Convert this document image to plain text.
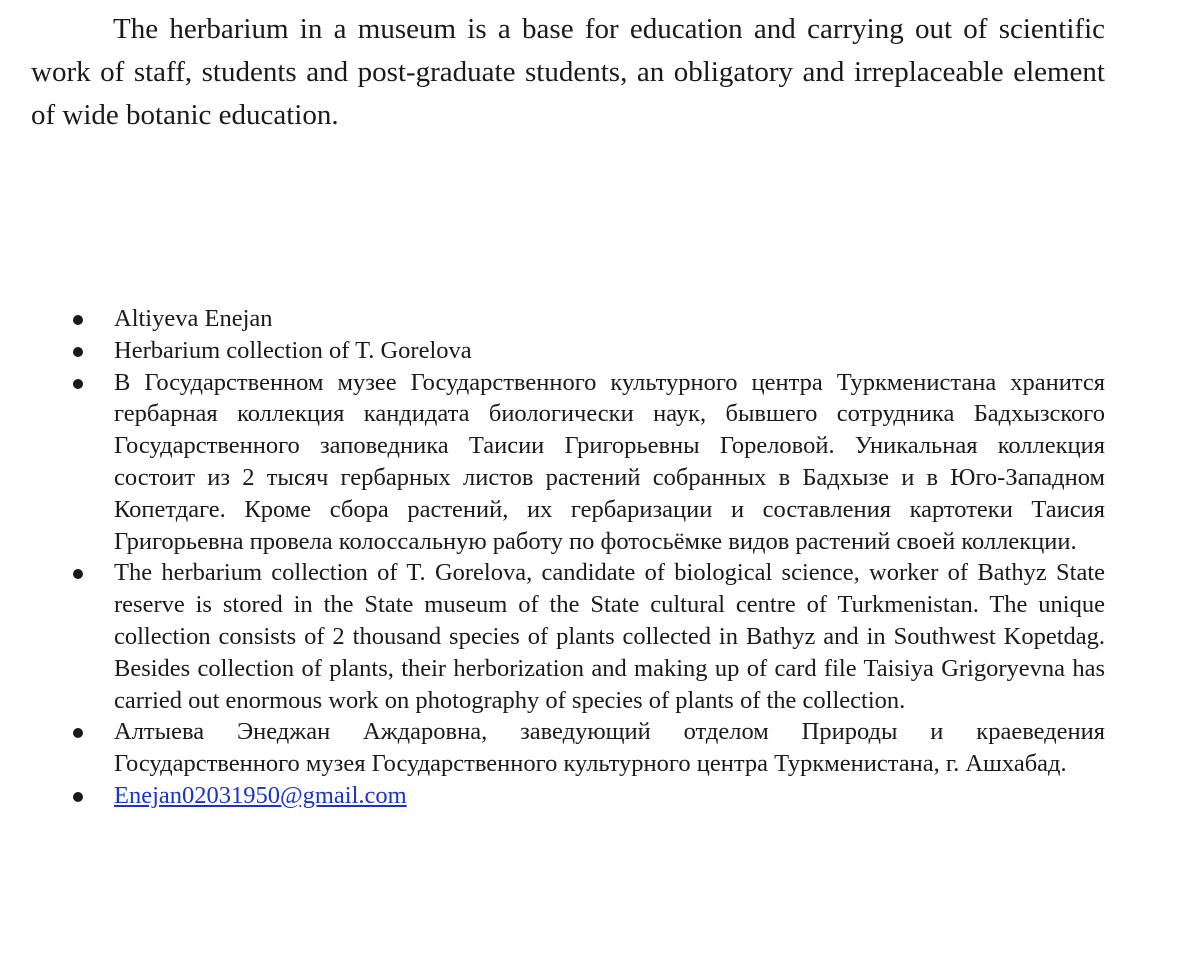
The herbarium in a museum is a base for education and carrying out of scientific work of staff, students and post-graduate students, an obligatory and irreplaceable element of wide botanic education.

Altiyeva Enejan
Herbarium collection of T. Gorelova
В Государственном музее Государственного культурного центра Туркменистана хранится гербарная коллекция кандидата биологически наук, бывшего сотрудника Бадхызского Государственного заповедника Таисии Григорьевны Гореловой. Уникальная коллекция состоит из 2 тысяч гербарных листов растений собранных в Бадхызе и в Юго-Западном Копетдаге. Кроме сбора растений, их гербаризации и составления картотеки Таисия Григорьевна провела колоссальную работу по фотосьёмке видов растений своей коллекции.
The herbarium collection of T. Gorelova, candidate of biological science, worker of Bathyz State reserve is stored in the State museum of the State cultural centre of Turkmenistan. The unique collection consists of 2 thousand species of plants collected in Bathyz and in Southwest Kopetdag. Besides collection of plants, their herborization and making up of card file Taisiya Grigoryevna has carried out enormous work on photography of species of plants of the collection.
Алтыева Энеджан Аждаровна, заведующий отделом Природы и краеведения Государственного музея Государственного культурного центра Туркменистана, г. Ашхабад.
Enejan02031950@gmail.com
